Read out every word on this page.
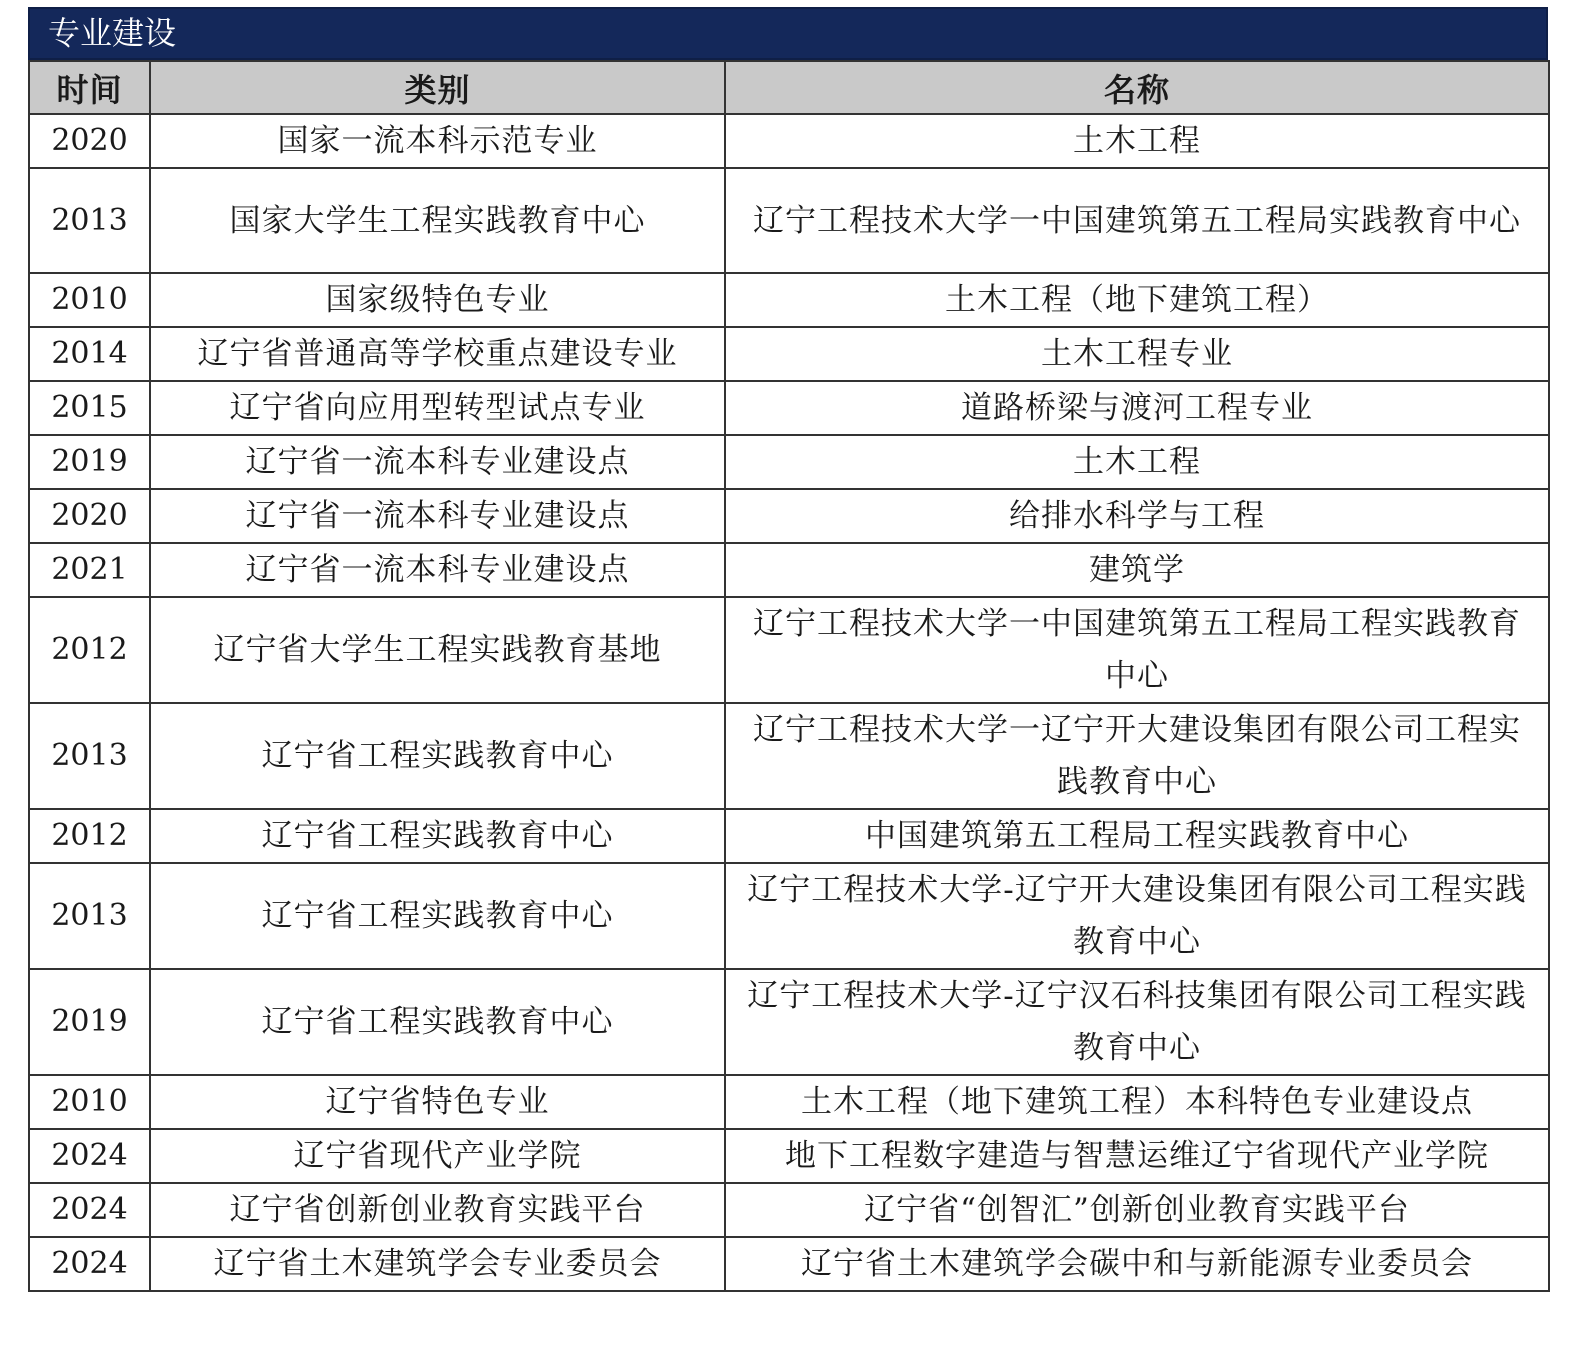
专业建设
时间	类别	名称
2020	国家一流本科示范专业	土木工程
2013	国家大学生工程实践教育中心	辽宁工程技术大学一中国建筑第五工程局实践教育中心
2010	国家级特色专业	土木工程（地下建筑工程）
2014	辽宁省普通高等学校重点建设专业	土木工程专业
2015	辽宁省向应用型转型试点专业	道路桥梁与渡河工程专业
2019	辽宁省一流本科专业建设点	土木工程
2020	辽宁省一流本科专业建设点	给排水科学与工程
2021	辽宁省一流本科专业建设点	建筑学
2012	辽宁省大学生工程实践教育基地	辽宁工程技术大学一中国建筑第五工程局工程实践教育中心
2013	辽宁省工程实践教育中心	辽宁工程技术大学一辽宁开大建设集团有限公司工程实践教育中心
2012	辽宁省工程实践教育中心	中国建筑第五工程局工程实践教育中心
2013	辽宁省工程实践教育中心	辽宁工程技术大学-辽宁开大建设集团有限公司工程实践教育中心
2019	辽宁省工程实践教育中心	辽宁工程技术大学-辽宁汉石科技集团有限公司工程实践教育中心
2010	辽宁省特色专业	土木工程（地下建筑工程）本科特色专业建设点
2024	辽宁省现代产业学院	地下工程数字建造与智慧运维辽宁省现代产业学院
2024	辽宁省创新创业教育实践平台	辽宁省“创智汇”创新创业教育实践平台
2024	辽宁省土木建筑学会专业委员会	辽宁省土木建筑学会碳中和与新能源专业委员会
